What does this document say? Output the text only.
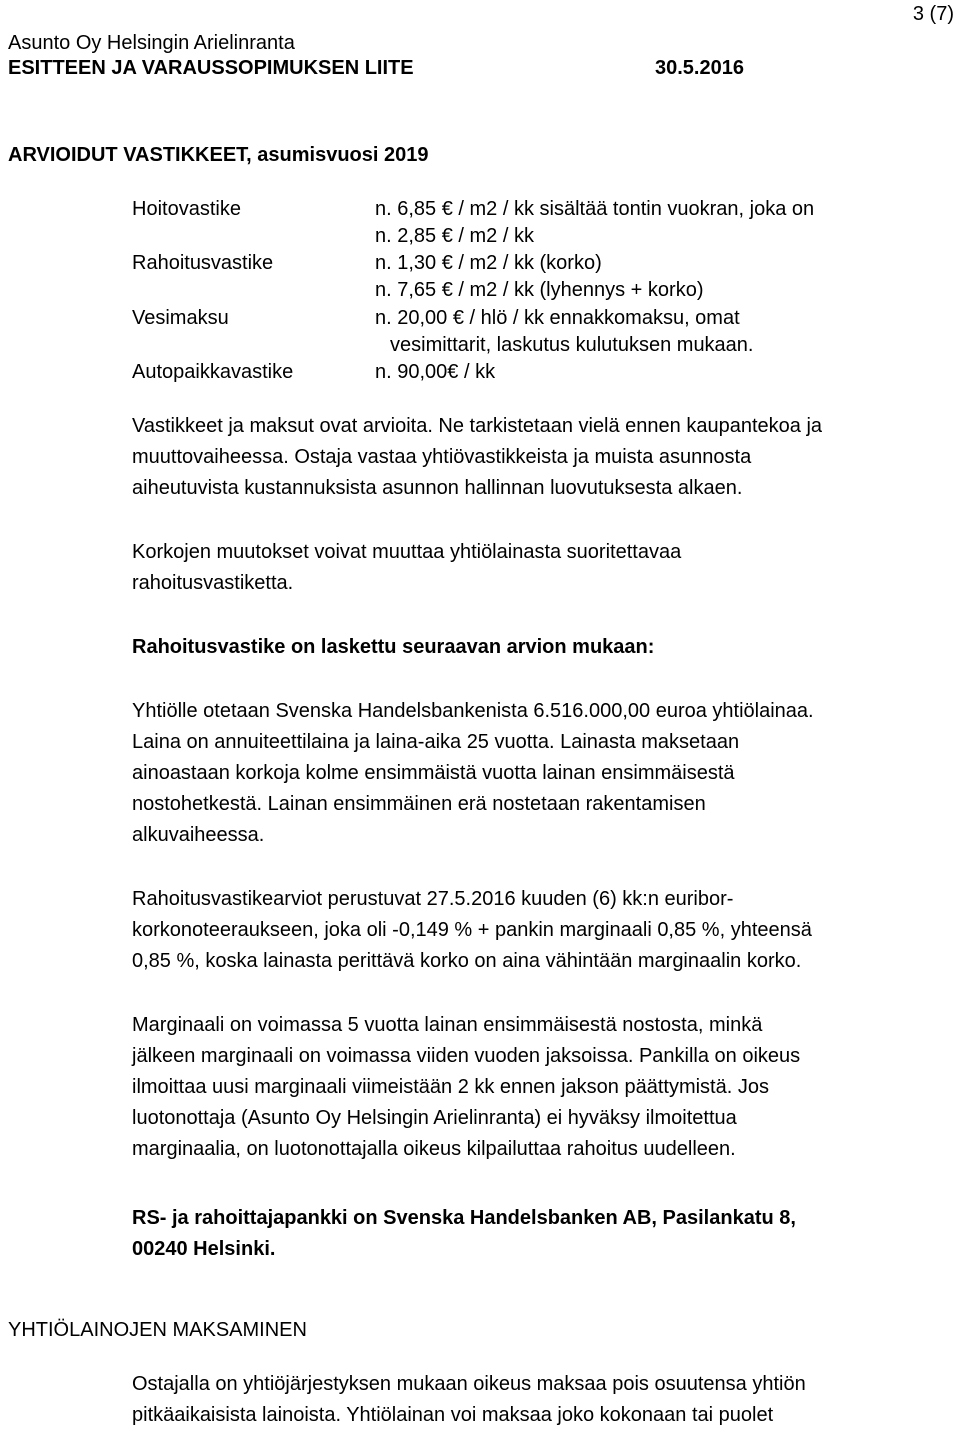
3 (7)
Asunto Oy Helsingin Arielinranta
ESITTEEN JA VARAUSSOPIMUKSEN LIITE	30.5.2016
ARVIOIDUT VASTIKKEET, asumisvuosi 2019
Hoitovastike
Rahoitusvastike
Vesimaksu
Autopaikkavastike
n. 6,85 € / m2 / kk sisältää tontin vuokran, joka on
n. 2,85 € / m2 / kk
n. 1,30 € / m2 / kk (korko)
n. 7,65 € / m2 / kk (lyhennys + korko)
n. 20,00 € / hlö / kk ennakkomaksu, omat
vesimittarit, laskutus kulutuksen mukaan.
n. 90,00€ / kk
Vastikkeet ja maksut ovat arvioita. Ne tarkistetaan vielä ennen kaupantekoa ja
muuttovaiheessa. Ostaja vastaa yhtiövastikkeista ja muista asunnosta
aiheutuvista kustannuksista asunnon hallinnan luovutuksesta alkaen.
Korkojen muutokset voivat muuttaa yhtiölainasta suoritettavaa
rahoitusvastiketta.
Rahoitusvastike on laskettu seuraavan arvion mukaan:
Yhtiölle otetaan Svenska Handelsbankenista 6.516.000,00 euroa yhtiölainaa.
Laina on annuiteettilaina ja laina-aika 25 vuotta. Lainasta maksetaan
ainoastaan korkoja kolme ensimmäistä vuotta lainan ensimmäisestä
nostohetkestä. Lainan ensimmäinen erä nostetaan rakentamisen
alkuvaiheessa.
Rahoitusvastikearviot perustuvat 27.5.2016 kuuden (6) kk:n euribor-
korkonoteeraukseen, joka oli -0,149 % + pankin marginaali 0,85 %, yhteensä
0,85 %, koska lainasta perittävä korko on aina vähintään marginaalin korko.
Marginaali on voimassa 5 vuotta lainan ensimmäisestä nostosta, minkä
jälkeen marginaali on voimassa viiden vuoden jaksoissa. Pankilla on oikeus
ilmoittaa uusi marginaali viimeistään 2 kk ennen jakson päättymistä. Jos
luotonottaja (Asunto Oy Helsingin Arielinranta) ei hyväksy ilmoitettua
marginaalia, on luotonottajalla oikeus kilpailuttaa rahoitus uudelleen.
RS- ja rahoittajapankki on Svenska Handelsbanken AB, Pasilankatu 8,
00240 Helsinki.
YHTIÖLAINOJEN MAKSAMINEN
Ostajalla on yhtiöjärjestyksen mukaan oikeus maksaa pois osuutensa yhtiön
pitkäaikaisista lainoista. Yhtiölainan voi maksaa joko kokonaan tai puolet
